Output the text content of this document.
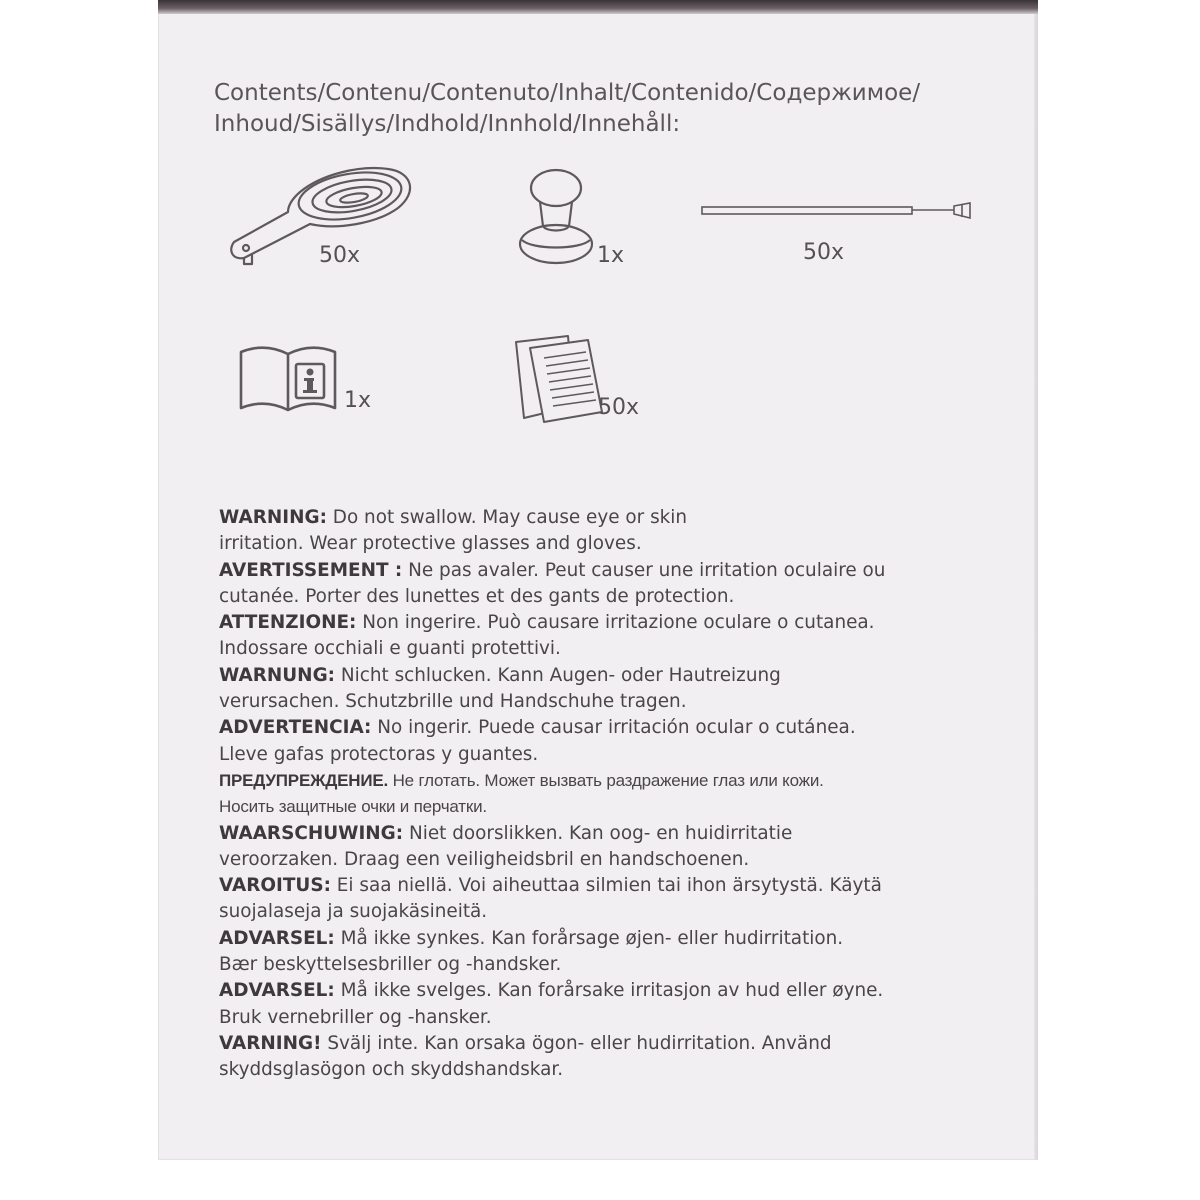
Contents/Contenu/Contenuto/Inhalt/Contenido/Содержимое/
Inhoud/Sisällys/Indhold/Innhold/Innehåll:
50x	1x	50x
1x	50x

WARNING: Do not swallow. May cause eye or skin
irritation. Wear protective glasses and gloves.

AVERTISSEMENT : Ne pas avaler. Peut causer une irritation oculaire ou
cutanée. Porter des lunettes et des gants de protection.

ATTENZIONE: Non ingerire. Può causare irritazione oculare o cutanea.
Indossare occhiali e guanti protettivi.

WARNUNG: Nicht schlucken. Kann Augen- oder Hautreizung
verursachen. Schutzbrille und Handschuhe tragen.

ADVERTENCIA: No ingerir. Puede causar irritación ocular o cutánea.
Lleve gafas protectoras y guantes.

ПРЕДУПРЕЖДЕНИЕ. Не глотать. Может вызвать раздражение глаз или кожи.
Носить защитные очки и перчатки.

WAARSCHUWING: Niet doorslikken. Kan oog- en huidirritatie
veroorzaken. Draag een veiligheidsbril en handschoenen.

VAROITUS: Ei saa niellä. Voi aiheuttaa silmien tai ihon ärsytystä. Käytä
suojalaseja ja suojakäsineitä.

ADVARSEL: Må ikke synkes. Kan forårsage øjen- eller hudirritation.
Bær beskyttelsesbriller og -handsker.

ADVARSEL: Må ikke svelges. Kan forårsake irritasjon av hud eller øyne.
Bruk vernebriller og -hansker.

VARNING! Svälj inte. Kan orsaka ögon- eller hudirritation. Använd
skyddsglasögon och skyddshandskar.
